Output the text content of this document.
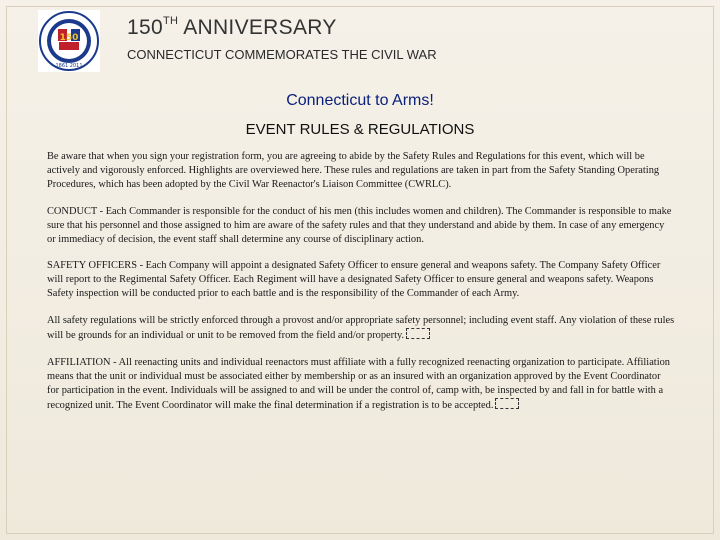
150
1861 2011
150TH ANNIVERSARY
CONNECTICUT COMMEMORATES THE CIVIL WAR
Connecticut to Arms!
EVENT RULES & REGULATIONS

Be aware that when you sign your registration form, you are agreeing to abide by the Safety Rules and Regulations for this event, which will be actively and vigorously enforced. Highlights are overviewed here. These rules and regulations are taken in part from the Safety Standing Operating Procedures, which has been adopted by the Civil War Reenactor's Liaison Committee (CWRLC).

CONDUCT - Each Commander is responsible for the conduct of his men (this includes women and children). The Commander is responsible to make sure that his personnel and those assigned to him are aware of the safety rules and that they understand and abide by them. In case of any emergency or immediacy of decision, the event staff shall determine any course of disciplinary action.

SAFETY OFFICERS - Each Company will appoint a designated Safety Officer to ensure general and weapons safety. The Company Safety Officer will report to the Regimental Safety Officer. Each Regiment will have a designated Safety Officer to ensure general and weapons safety. Weapons Safety inspection will be conducted prior to each battle and is the responsibility of the Commander of each Army.

All safety regulations will be strictly enforced through a provost and/or appropriate safety personnel; including event staff. Any violation of these rules will be grounds for an individual or unit to be removed from the field and/or property.

AFFILIATION - All reenacting units and individual reenactors must affiliate with a fully recognized reenacting organization to participate. Affiliation means that the unit or individual must be associated either by membership or as an insured with an organization approved by the Event Coordinator for participation in the event. Individuals will be assigned to and will be under the control of, camp with, be inspected by and fall in for battle with a recognized unit. The Event Coordinator will make the final determination if a registration is to be accepted.
